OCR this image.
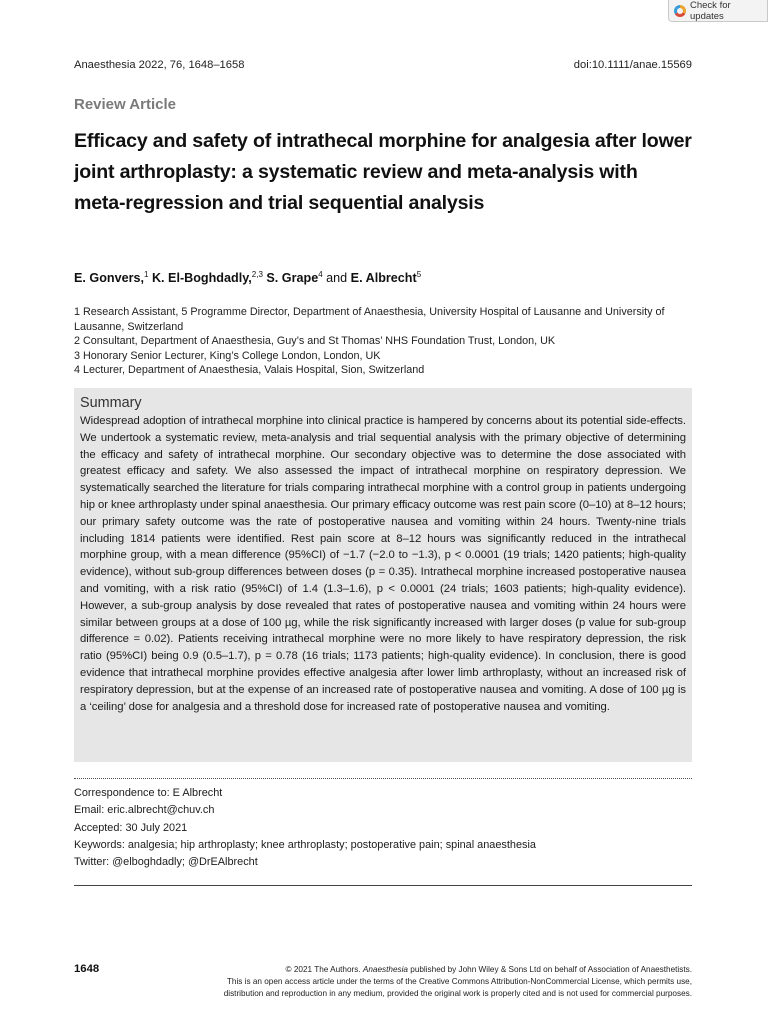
Check for updates
Anaesthesia 2022, 76, 1648–1658	doi:10.1111/anae.15569
Review Article
Efficacy and safety of intrathecal morphine for analgesia after lower joint arthroplasty: a systematic review and meta-analysis with meta-regression and trial sequential analysis
E. Gonvers,$^1$ K. El-Boghdadly,$^{2,3}$ S. Grape$^4$ and E. Albrecht$^5$
1 Research Assistant, 5 Programme Director, Department of Anaesthesia, University Hospital of Lausanne and University of Lausanne, Switzerland
2 Consultant, Department of Anaesthesia, Guy’s and St Thomas’ NHS Foundation Trust, London, UK
3 Honorary Senior Lecturer, King’s College London, London, UK
4 Lecturer, Department of Anaesthesia, Valais Hospital, Sion, Switzerland
Summary

Widespread adoption of intrathecal morphine into clinical practice is hampered by concerns about its potential side-effects. We undertook a systematic review, meta-analysis and trial sequential analysis with the primary objective of determining the efficacy and safety of intrathecal morphine. Our secondary objective was to determine the dose associated with greatest efficacy and safety. We also assessed the impact of intrathecal morphine on respiratory depression. We systematically searched the literature for trials comparing intrathecal morphine with a control group in patients undergoing hip or knee arthroplasty under spinal anaesthesia. Our primary efficacy outcome was rest pain score (0–10) at 8–12 hours; our primary safety outcome was the rate of postoperative nausea and vomiting within 24 hours. Twenty-nine trials including 1814 patients were identified. Rest pain score at 8–12 hours was significantly reduced in the intrathecal morphine group, with a mean difference (95%CI) of −1.7 (−2.0 to −1.3), p < 0.0001 (19 trials; 1420 patients; high-quality evidence), without sub-group differences between doses (p = 0.35). Intrathecal morphine increased postoperative nausea and vomiting, with a risk ratio (95%CI) of 1.4 (1.3–1.6), p < 0.0001 (24 trials; 1603 patients; high-quality evidence). However, a sub-group analysis by dose revealed that rates of postoperative nausea and vomiting within 24 hours were similar between groups at a dose of 100 µg, while the risk significantly increased with larger doses (p value for sub-group difference = 0.02). Patients receiving intrathecal morphine were no more likely to have respiratory depression, the risk ratio (95%CI) being 0.9 (0.5–1.7), p = 0.78 (16 trials; 1173 patients; high-quality evidence). In conclusion, there is good evidence that intrathecal morphine provides effective analgesia after lower limb arthroplasty, without an increased risk of respiratory depression, but at the expense of an increased rate of postoperative nausea and vomiting. A dose of 100 µg is a ‘ceiling’ dose for analgesia and a threshold dose for increased rate of postoperative nausea and vomiting.

Correspondence to: E Albrecht
Email: eric.albrecht@chuv.ch
Accepted: 30 July 2021
Keywords: analgesia; hip arthroplasty; knee arthroplasty; postoperative pain; spinal anaesthesia
Twitter: @elboghdadly; @DrEAlbrecht
1648	© 2021 The Authors. Anaesthesia published by John Wiley & Sons Ltd on behalf of Association of Anaesthetists.
This is an open access article under the terms of the Creative Commons Attribution-NonCommercial License, which permits use,
distribution and reproduction in any medium, provided the original work is properly cited and is not used for commercial purposes.
